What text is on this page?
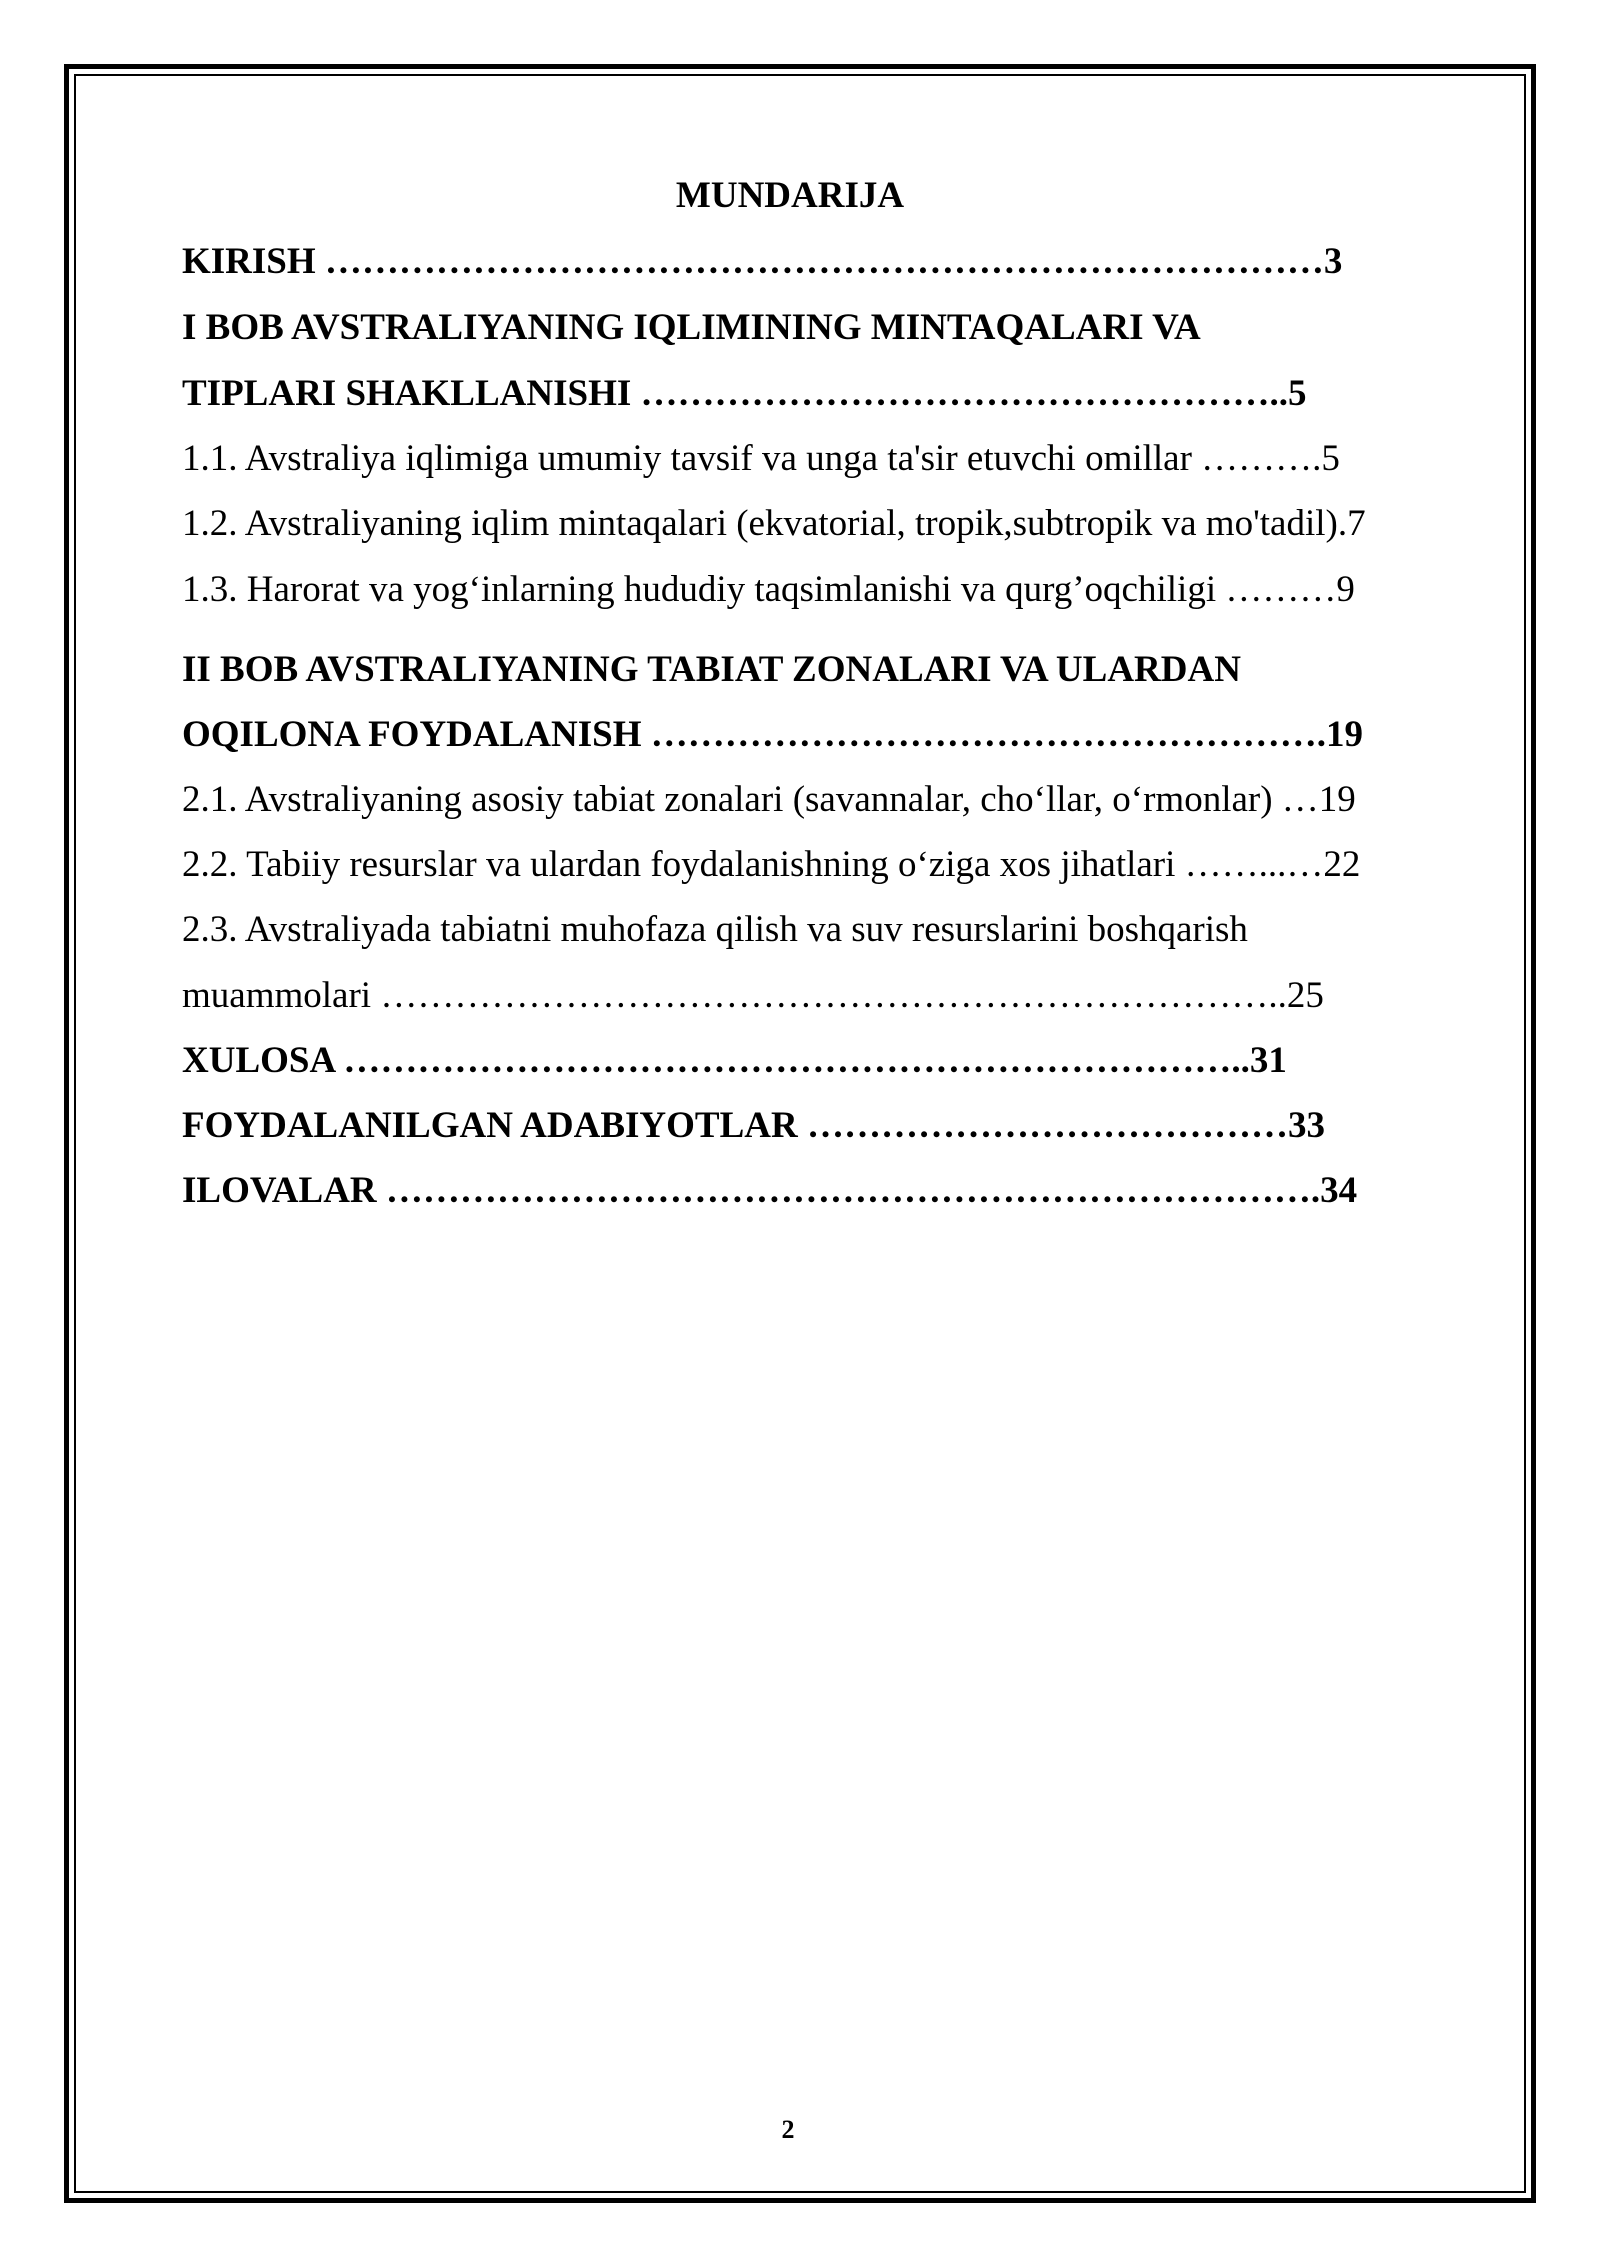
MUNDARIJA
KIRISH ………………………………………………………………………3
I BOB AVSTRALIYANING IQLIMINING MINTAQALARI VA
TIPLARI SHAKLLANISHI ……………………………………………..5
1.1. Avstraliya iqlimiga umumiy tavsif va unga ta'sir etuvchi omillar ……….5
1.2. Avstraliyaning iqlim mintaqalari (ekvatorial, tropik,subtropik va mo'tadil).7
1.3. Harorat va yog‘inlarning hududiy taqsimlanishi va qurg’oqchiligi ………9
II BOB AVSTRALIYANING TABIAT ZONALARI VA ULARDAN
OQILONA FOYDALANISH ……………………………………………….19
2.1. Avstraliyaning asosiy tabiat zonalari (savannalar, cho‘llar, o‘rmonlar) …19
2.2. Tabiiy resurslar va ulardan foydalanishning o‘ziga xos jihatlari ……...…22
2.3. Avstraliyada tabiatni muhofaza qilish va suv resurslarini boshqarish
muammolari ………………………………………………………………..25
XULOSA ………………………………………………………………..31
FOYDALANILGAN ADABIYOTLAR …………………………………33
ILOVALAR ………………………………………………………………….34
2
